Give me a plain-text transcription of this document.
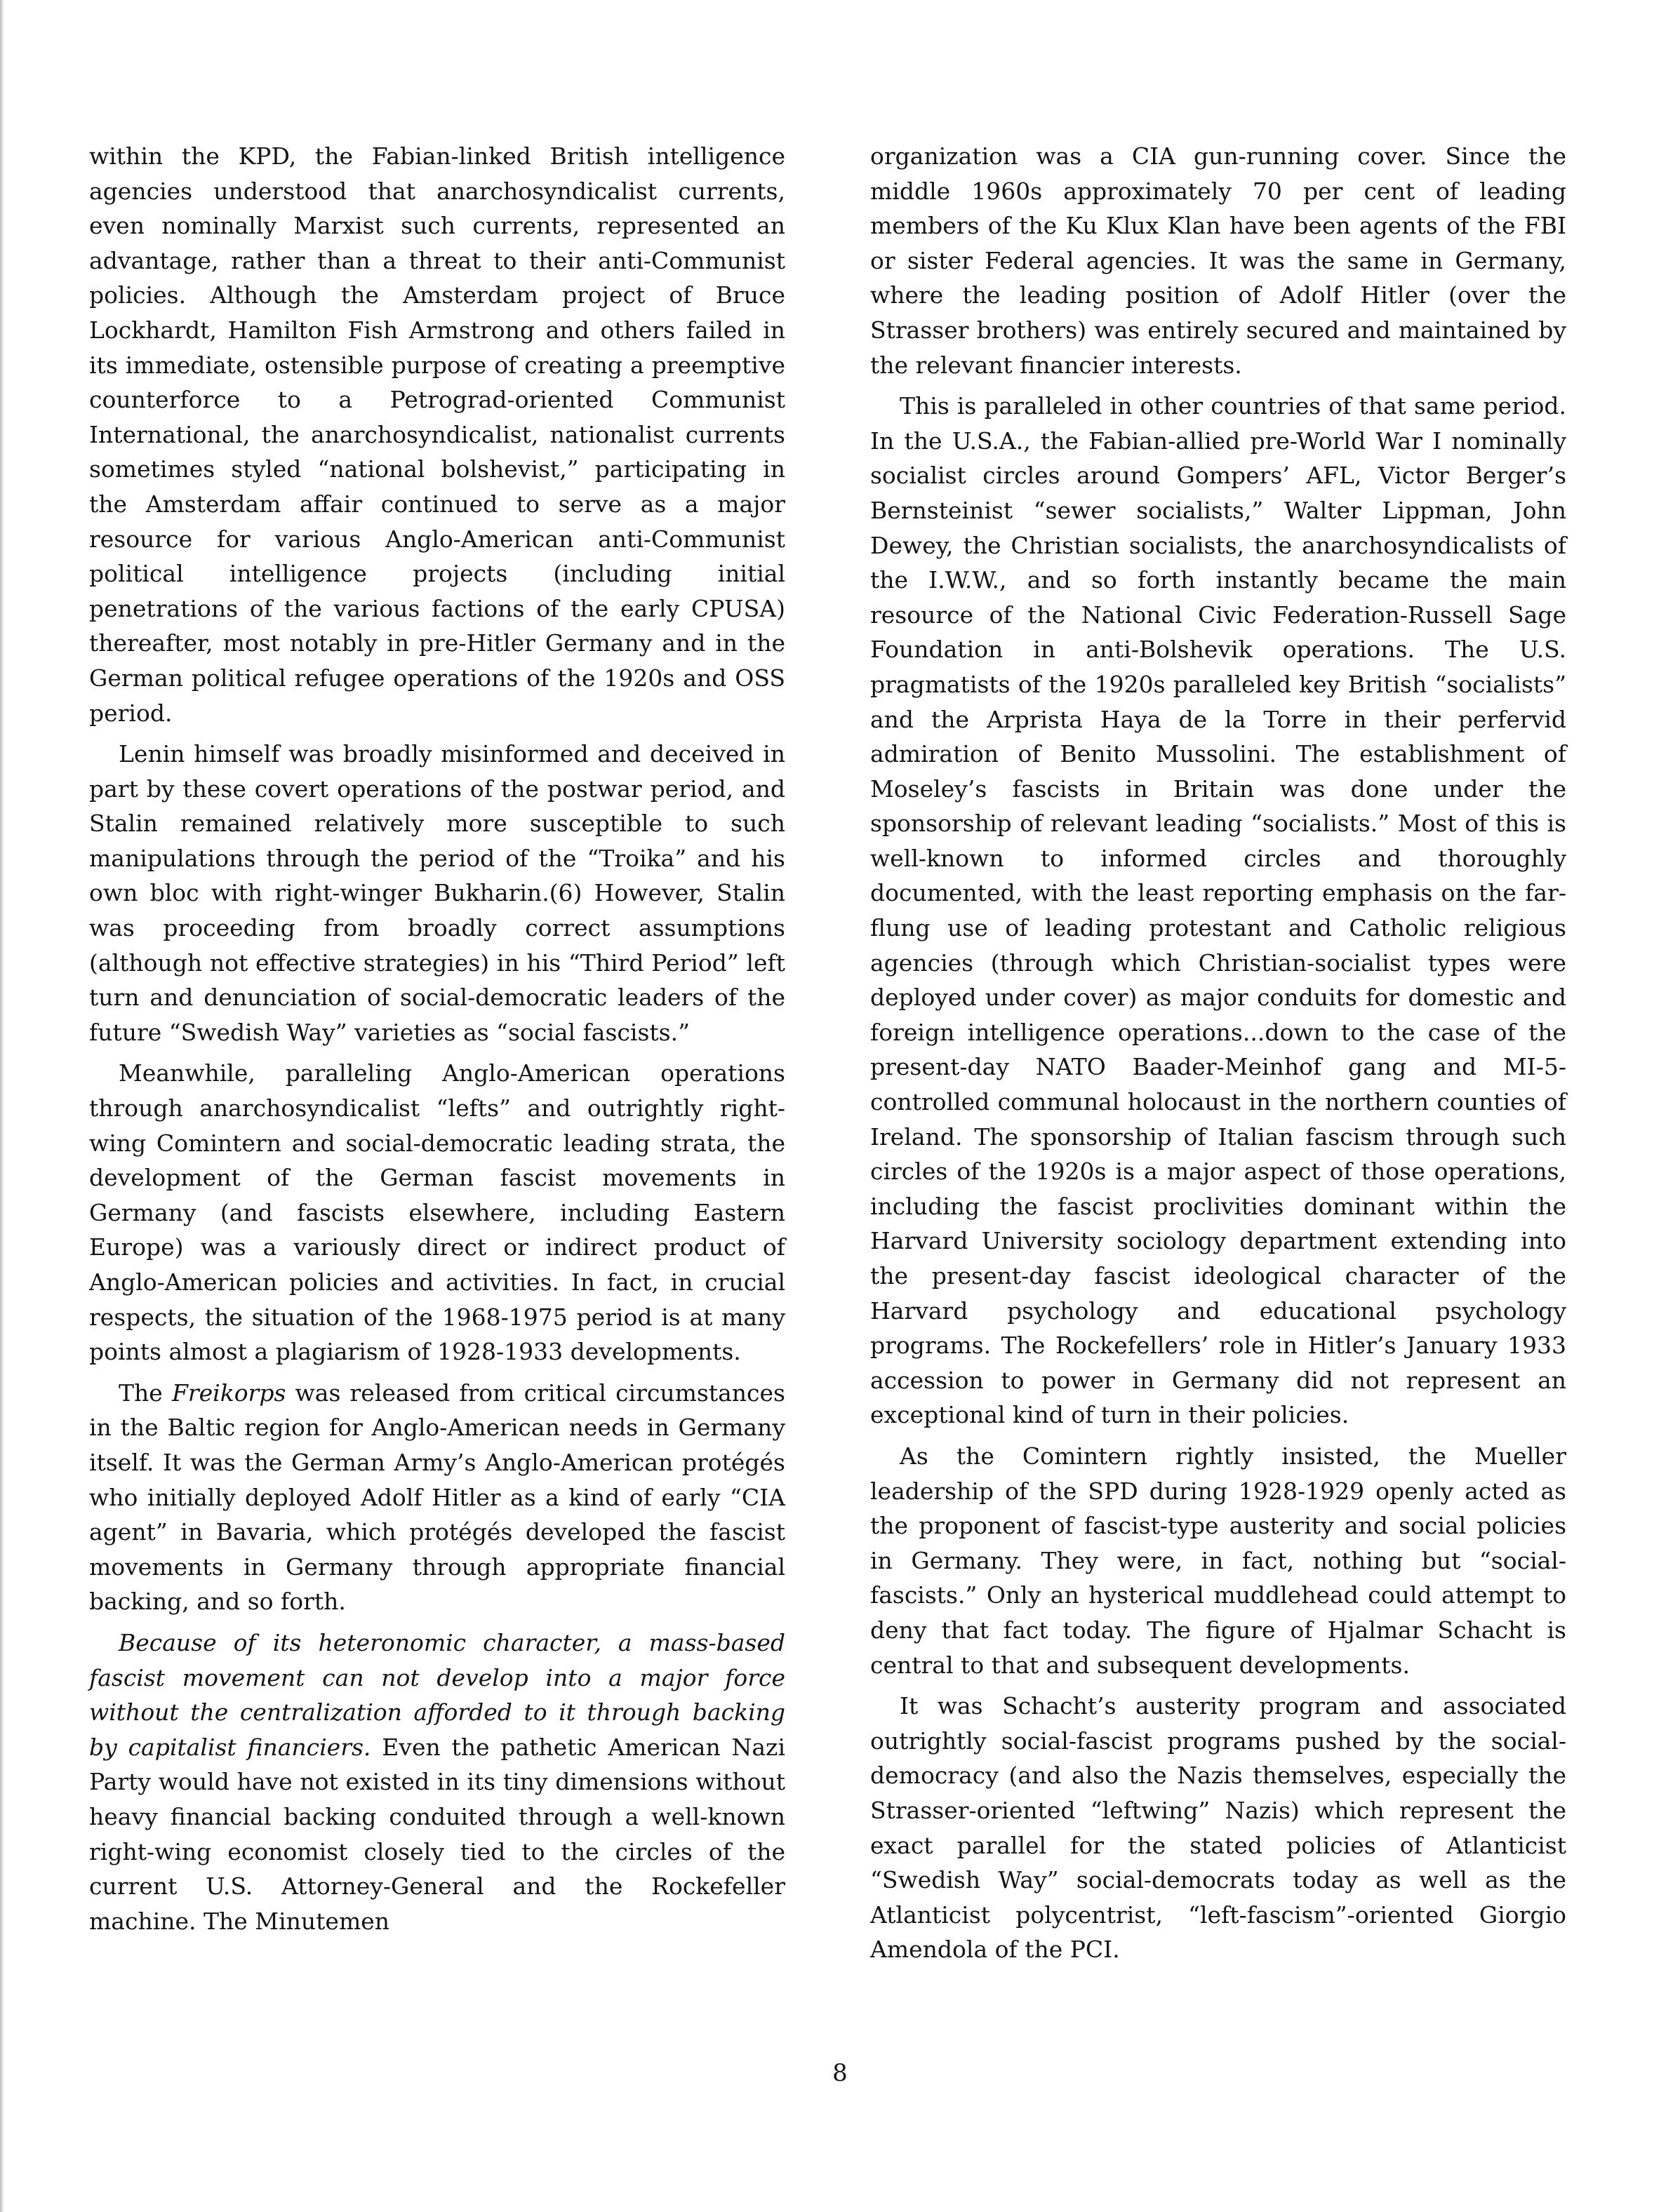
within the KPD, the Fabian-linked British intelligence agencies understood that anarchosyndicalist currents, even nominally Marxist such currents, represented an advantage, rather than a threat to their anti-Communist policies. Although the Amsterdam project of Bruce Lockhardt, Hamilton Fish Armstrong and others failed in its immediate, ostensible purpose of creating a preemptive counterforce to a Petrograd-oriented Communist International, the anarchosyndicalist, nationalist currents sometimes styled “national bolshevist,” participating in the Amsterdam affair continued to serve as a major resource for various Anglo-American anti-Communist political intelligence projects (including initial penetrations of the various factions of the early CPUSA) thereafter, most notably in pre-Hitler Germany and in the German political refugee operations of the 1920s and OSS period.

Lenin himself was broadly misinformed and deceived in part by these covert operations of the postwar period, and Stalin remained relatively more susceptible to such manipulations through the period of the “Troika” and his own bloc with right-winger Bukharin.(6) However, Stalin was proceeding from broadly correct assumptions (although not effective strategies) in his “Third Period” left turn and denunciation of social-democratic leaders of the future “Swedish Way” varieties as “social fascists.”

Meanwhile, paralleling Anglo-American operations through anarchosyndicalist “lefts” and outrightly right-wing Comintern and social-democratic leading strata, the development of the German fascist movements in Germany (and fascists elsewhere, including Eastern Europe) was a variously direct or indirect product of Anglo-American policies and activities. In fact, in crucial respects, the situation of the 1968-1975 period is at many points almost a plagiarism of 1928-1933 developments.

The Freikorps was released from critical circumstances in the Baltic region for Anglo-American needs in Germany itself. It was the German Army’s Anglo-American protégés who initially deployed Adolf Hitler as a kind of early “CIA agent” in Bavaria, which protégés developed the fascist movements in Germany through appropriate financial backing, and so forth.

Because of its heteronomic character, a mass-based fascist movement can not develop into a major force without the centralization afforded to it through backing by capitalist financiers. Even the pathetic American Nazi Party would have not existed in its tiny dimensions without heavy financial backing conduited through a well-known right-wing economist closely tied to the circles of the current U.S. Attorney-General and the Rockefeller machine. The Minutemen

organization was a CIA gun-running cover. Since the middle 1960s approximately 70 per cent of leading members of the Ku Klux Klan have been agents of the FBI or sister Federal agencies. It was the same in Germany, where the leading position of Adolf Hitler (over the Strasser brothers) was entirely secured and maintained by the relevant financier interests.

This is paralleled in other countries of that same period. In the U.S.A., the Fabian-allied pre-World War I nominally socialist circles around Gompers’ AFL, Victor Berger’s Bernsteinist “sewer socialists,” Walter Lippman, John Dewey, the Christian socialists, the anarchosyndicalists of the I.W.W., and so forth instantly became the main resource of the National Civic Federation-Russell Sage Foundation in anti-Bolshevik operations. The U.S. pragmatists of the 1920s paralleled key British “socialists” and the Arprista Haya de la Torre in their perfervid admiration of Benito Mussolini. The establishment of Moseley’s fascists in Britain was done under the sponsorship of relevant leading “socialists.” Most of this is well-known to informed circles and thoroughly documented, with the least reporting emphasis on the far-flung use of leading protestant and Catholic religious agencies (through which Christian-socialist types were deployed under cover) as major conduits for domestic and foreign intelligence operations...down to the case of the present-day NATO Baader-Meinhof gang and MI-5-controlled communal holocaust in the northern counties of Ireland. The sponsorship of Italian fascism through such circles of the 1920s is a major aspect of those operations, including the fascist proclivities dominant within the Harvard University sociology department extending into the present-day fascist ideological character of the Harvard psychology and educational psychology programs. The Rockefellers’ role in Hitler’s January 1933 accession to power in Germany did not represent an exceptional kind of turn in their policies.

As the Comintern rightly insisted, the Mueller leadership of the SPD during 1928-1929 openly acted as the proponent of fascist-type austerity and social policies in Germany. They were, in fact, nothing but “social-fascists.” Only an hysterical muddlehead could attempt to deny that fact today. The figure of Hjalmar Schacht is central to that and subsequent developments.

It was Schacht’s austerity program and associated outrightly social-fascist programs pushed by the social-democracy (and also the Nazis themselves, especially the Strasser-oriented “leftwing” Nazis) which represent the exact parallel for the stated policies of Atlanticist “Swedish Way” social-democrats today as well as the Atlanticist polycentrist, “left-fascism”-oriented Giorgio Amendola of the PCI.

8
